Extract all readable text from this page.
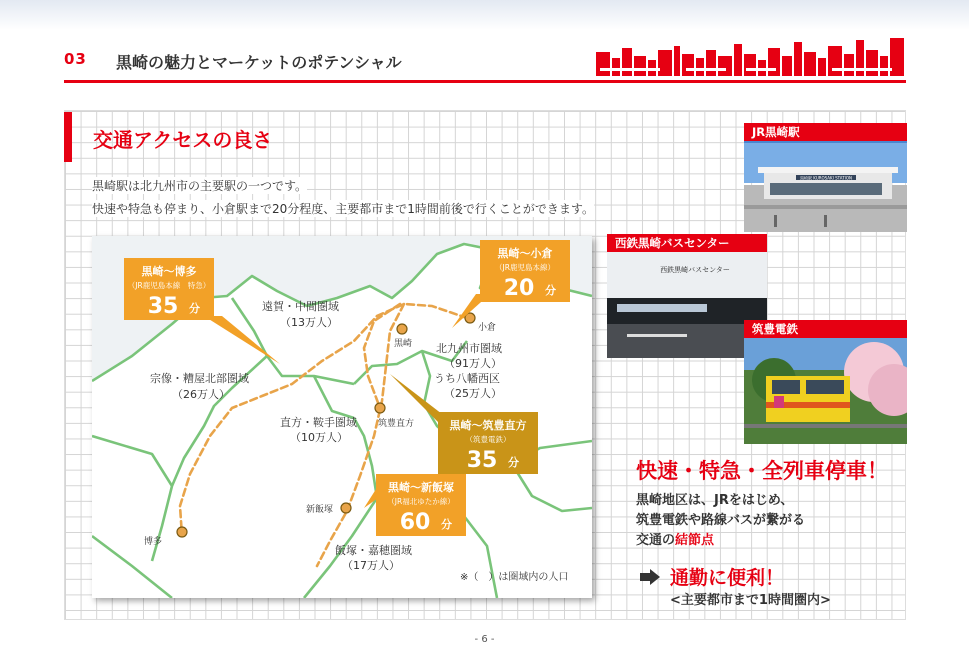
03 黒崎の魅力とマーケットのポテンシャル
交通アクセスの良さ
黒崎駅は北九州市の主要駅の一つです。
快速や特急も停まり、小倉駅まで20分程度、主要都市まで1時間前後で行くことができます。
遠賀・中間圏域
（13万人）
宗像・糟屋北部圏域
（26万人）
北九州市圏域
（91万人）
うち八幡西区
（25万人）
直方・鞍手圏域
（10万人）
飯塚・嘉穂圏域
（17万人）
小倉
黒崎
筑豊直方
新飯塚
博多
※（　）は圏域内の人口
黒崎～博多
（JR鹿児島本線　特急）
35 分
黒崎～小倉
（JR鹿児島本線）
20 分
黒崎～筑豊直方
（筑豊電鉄）
35 分
黒崎～新飯塚
（JR福北ゆたか線）
60 分
黒崎駅 KUROSAKI STATION
JR黒崎駅
西鉄黒崎バスセンター
西鉄黒崎バスセンター
筑豊電鉄
快速・特急・全列車停車！
黒崎地区は、JRをはじめ、
筑豊電鉄や路線バスが繋がる
交通の結節点
通勤に便利！
<主要都市まで1時間圏内>
- 6 -
